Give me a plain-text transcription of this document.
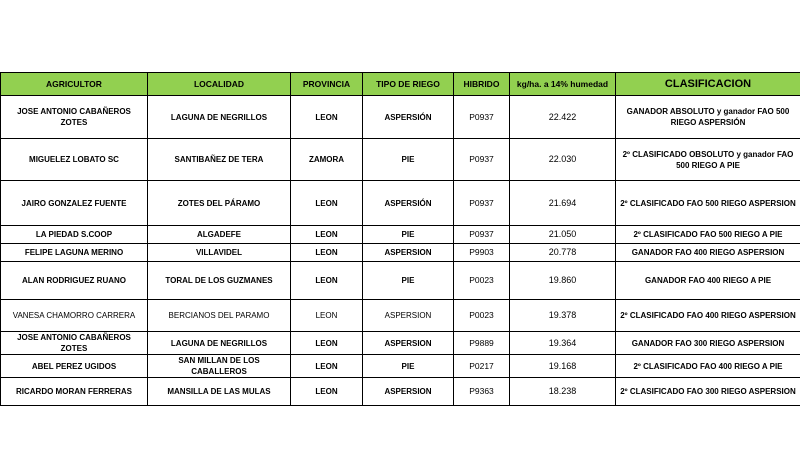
AGRICULTOR	LOCALIDAD	PROVINCIA	TIPO DE RIEGO	HIBRIDO	kg/ha. a 14% humedad	CLASIFICACION
JOSE ANTONIO CABAÑEROS ZOTES	LAGUNA DE NEGRILLOS	LEON	ASPERSIÓN	P0937	22.422	GANADOR ABSOLUTO y ganador FAO 500 RIEGO ASPERSIÓN
MIGUELEZ LOBATO SC	SANTIBAÑEZ DE TERA	ZAMORA	PIE	P0937	22.030	2º CLASIFICADO OBSOLUTO y ganador FAO 500 RIEGO A PIE
JAIRO GONZALEZ FUENTE	ZOTES DEL PÁRAMO	LEON	ASPERSIÓN	P0937	21.694	2º CLASIFICADO FAO 500 RIEGO ASPERSION
LA PIEDAD S.COOP	ALGADEFE	LEON	PIE	P0937	21.050	2º CLASIFICADO FAO 500 RIEGO A PIE
FELIPE LAGUNA MERINO	VILLAVIDEL	LEON	ASPERSION	P9903	20.778	GANADOR FAO 400 RIEGO ASPERSION
ALAN RODRIGUEZ RUANO	TORAL DE LOS GUZMANES	LEON	PIE	P0023	19.860	GANADOR FAO 400 RIEGO A PIE
VANESA CHAMORRO CARRERA	BERCIANOS DEL PARAMO	LEON	ASPERSION	P0023	19.378	2º CLASIFICADO FAO 400 RIEGO ASPERSION
JOSE ANTONIO CABAÑEROS ZOTES	LAGUNA DE NEGRILLOS	LEON	ASPERSION	P9889	19.364	GANADOR FAO 300 RIEGO ASPERSION
ABEL PEREZ UGIDOS	SAN MILLAN DE LOS CABALLEROS	LEON	PIE	P0217	19.168	2º CLASIFICADO FAO 400 RIEGO A PIE
RICARDO MORAN FERRERAS	MANSILLA DE LAS MULAS	LEON	ASPERSION	P9363	18.238	2º CLASIFICADO FAO 300 RIEGO ASPERSION
